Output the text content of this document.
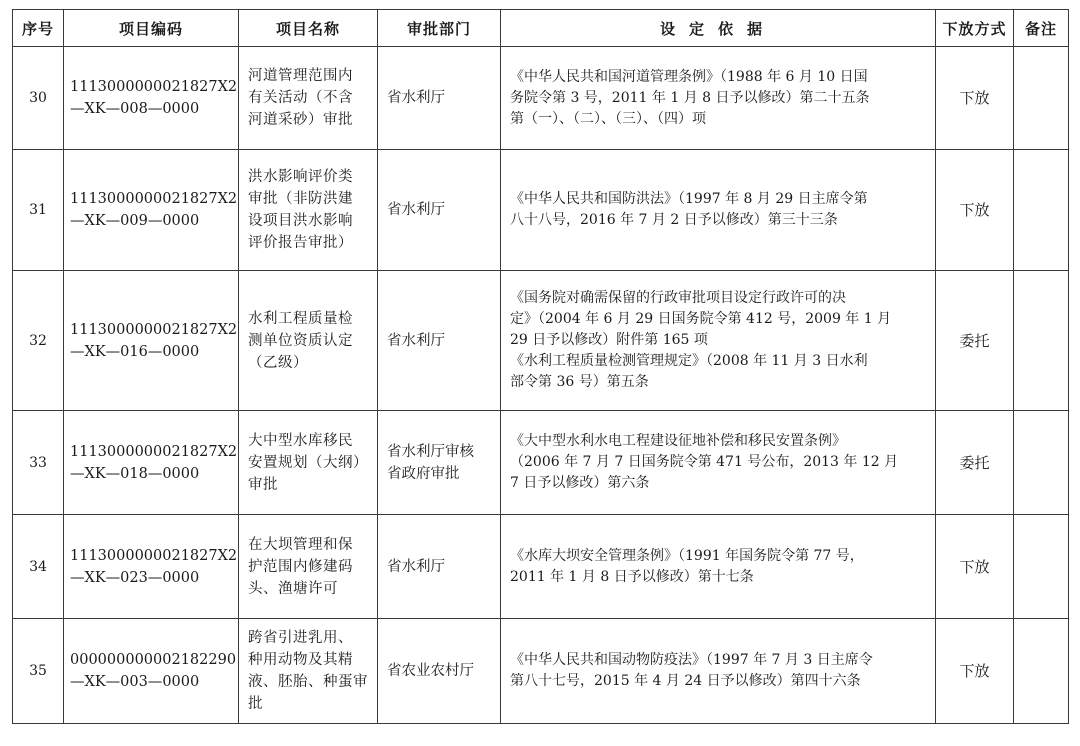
序号	项目编码	项目名称	审批部门	设定依据	下放方式	备注
30	1113000000021827X2
—XK—008—0000	河道管理范围内
有关活动（不含
河道采砂）审批	省水利厅	《中华人民共和国河道管理条例》（1988 年 6 月 10 日国
务院令第 3 号，2011 年 1 月 8 日予以修改）第二十五条
第（一）、（二）、（三）、（四）项	下放	
31	1113000000021827X2
—XK—009—0000	洪水影响评价类
审批（非防洪建
设项目洪水影响
评价报告审批）	省水利厅	《中华人民共和国防洪法》（1997 年 8 月 29 日主席令第
八十八号，2016 年 7 月 2 日予以修改）第三十三条	下放	
32	1113000000021827X2
—XK—016—0000	水利工程质量检
测单位资质认定
（乙级）	省水利厅	《国务院对确需保留的行政审批项目设定行政许可的决
定》（2004 年 6 月 29 日国务院令第 412 号，2009 年 1 月
29 日予以修改）附件第 165 项
《水利工程质量检测管理规定》（2008 年 11 月 3 日水利
部令第 36 号）第五条	委托	
33	1113000000021827X2
—XK—018—0000	大中型水库移民
安置规划（大纲）
审批	省水利厅审核
省政府审批	《大中型水利水电工程建设征地补偿和移民安置条例》
（2006 年 7 月 7 日国务院令第 471 号公布，2013 年 12 月
7 日予以修改）第六条	委托	
34	1113000000021827X2
—XK—023—0000	在大坝管理和保
护范围内修建码
头、渔塘许可	省水利厅	《水库大坝安全管理条例》（1991 年国务院令第 77 号，
2011 年 1 月 8 日予以修改）第十七条	下放	
35	000000000002182290
—XK—003—0000	跨省引进乳用、
种用动物及其精
液、胚胎、种蛋审
批	省农业农村厅	《中华人民共和国动物防疫法》（1997 年 7 月 3 日主席令
第八十七号，2015 年 4 月 24 日予以修改）第四十六条	下放	
